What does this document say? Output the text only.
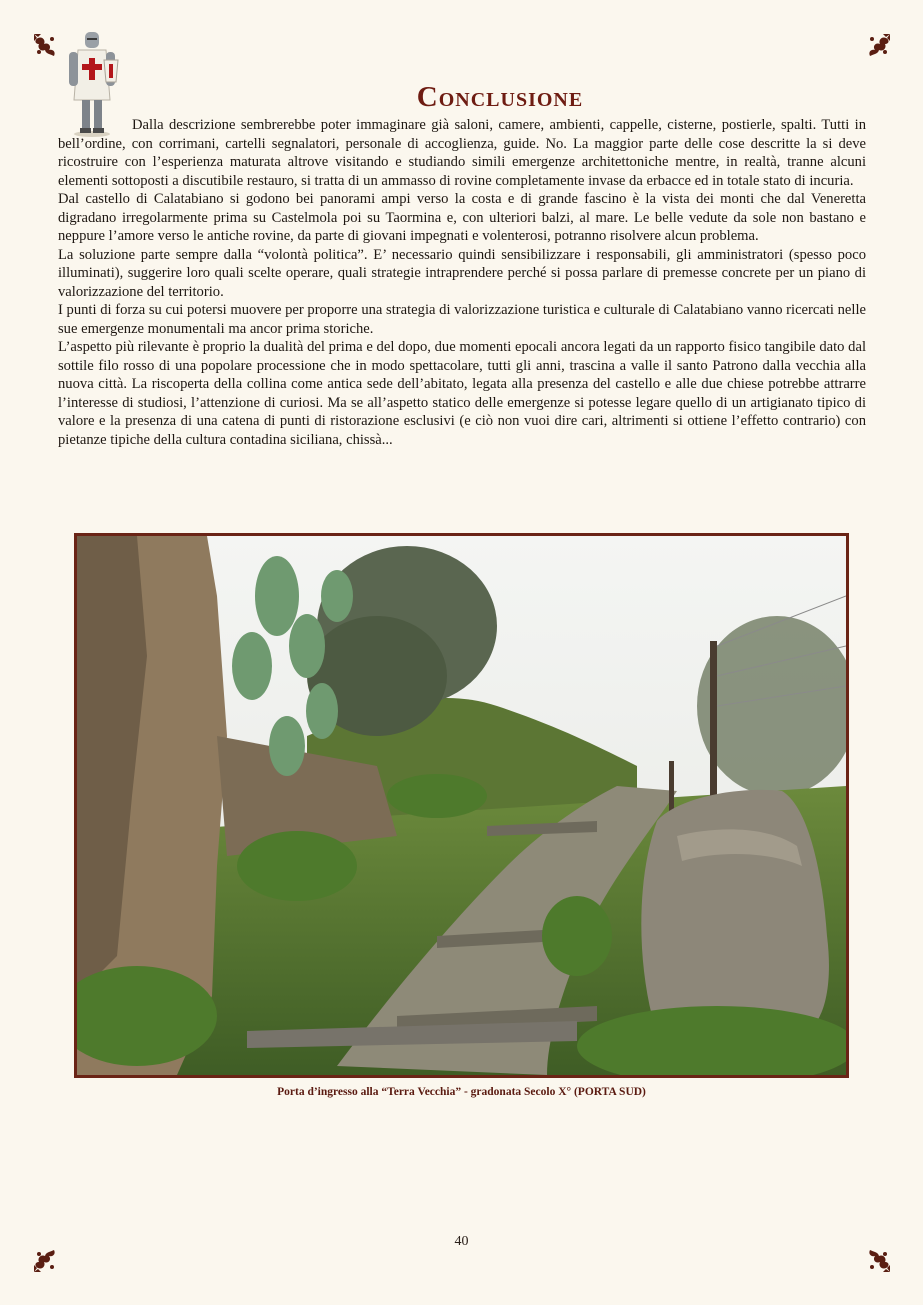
Conclusione

Dalla descrizione sembrerebbe poter immaginare già saloni, camere, ambienti, cappelle, cisterne, postierle, spalti. Tutti in bell’ordine, con corrimani, cartelli segnalatori, personale di accoglienza, guide. No. La maggior parte delle cose descritte la si deve ricostruire con l’esperienza maturata altrove visitando e studiando simili emergenze architettoniche mentre, in realtà, tranne alcuni elementi sottoposti a discutibile restauro, si tratta di un ammasso di rovine completamente invase da erbacce ed in totale stato di incuria.

Dal castello di Calatabiano si godono bei panorami ampi verso la costa e di grande fascino è la vista dei monti che dal Veneretta digradano irregolarmente prima su Castelmola poi su Taormina e, con ulteriori balzi, al mare. Le belle vedute da sole non bastano e neppure l’amore verso le antiche rovine, da parte di giovani impegnati e volenterosi, potranno risolvere alcun problema.

La soluzione parte sempre dalla “volontà politica”. E’ necessario quindi sensibilizzare i responsabili, gli amministratori (spesso poco illuminati), suggerire loro quali scelte operare, quali strategie intraprendere perché si possa parlare di premesse concrete per un piano di valorizzazione del territorio.

I punti di forza su cui potersi muovere per proporre una strategia di valorizzazione turistica e culturale di Calatabiano vanno ricercati nelle sue emergenze monumentali ma ancor prima storiche.

L’aspetto più rilevante è proprio la dualità del prima e del dopo, due momenti epocali ancora legati da un rapporto fisico tangibile dato dal sottile filo rosso di una popolare processione che in modo spettacolare, tutti gli anni, trascina a valle il santo Patrono dalla vecchia alla nuova città. La riscoperta della collina come antica sede dell’abitato, legata alla presenza del castello e alle due chiese potrebbe attrarre l’interesse di studiosi, l’attenzione di curiosi. Ma se all’aspetto statico delle emergenze si potesse legare quello di un artigianato tipico di valore e la presenza di una catena di punti di ristorazione esclusivi (e ciò non vuoi dire cari, altrimenti si ottiene l’effetto contrario) con pietanze tipiche della cultura contadina siciliana, chissà...

Porta d’ingresso alla “Terra Vecchia” - gradonata Secolo X° (PORTA SUD)
40
